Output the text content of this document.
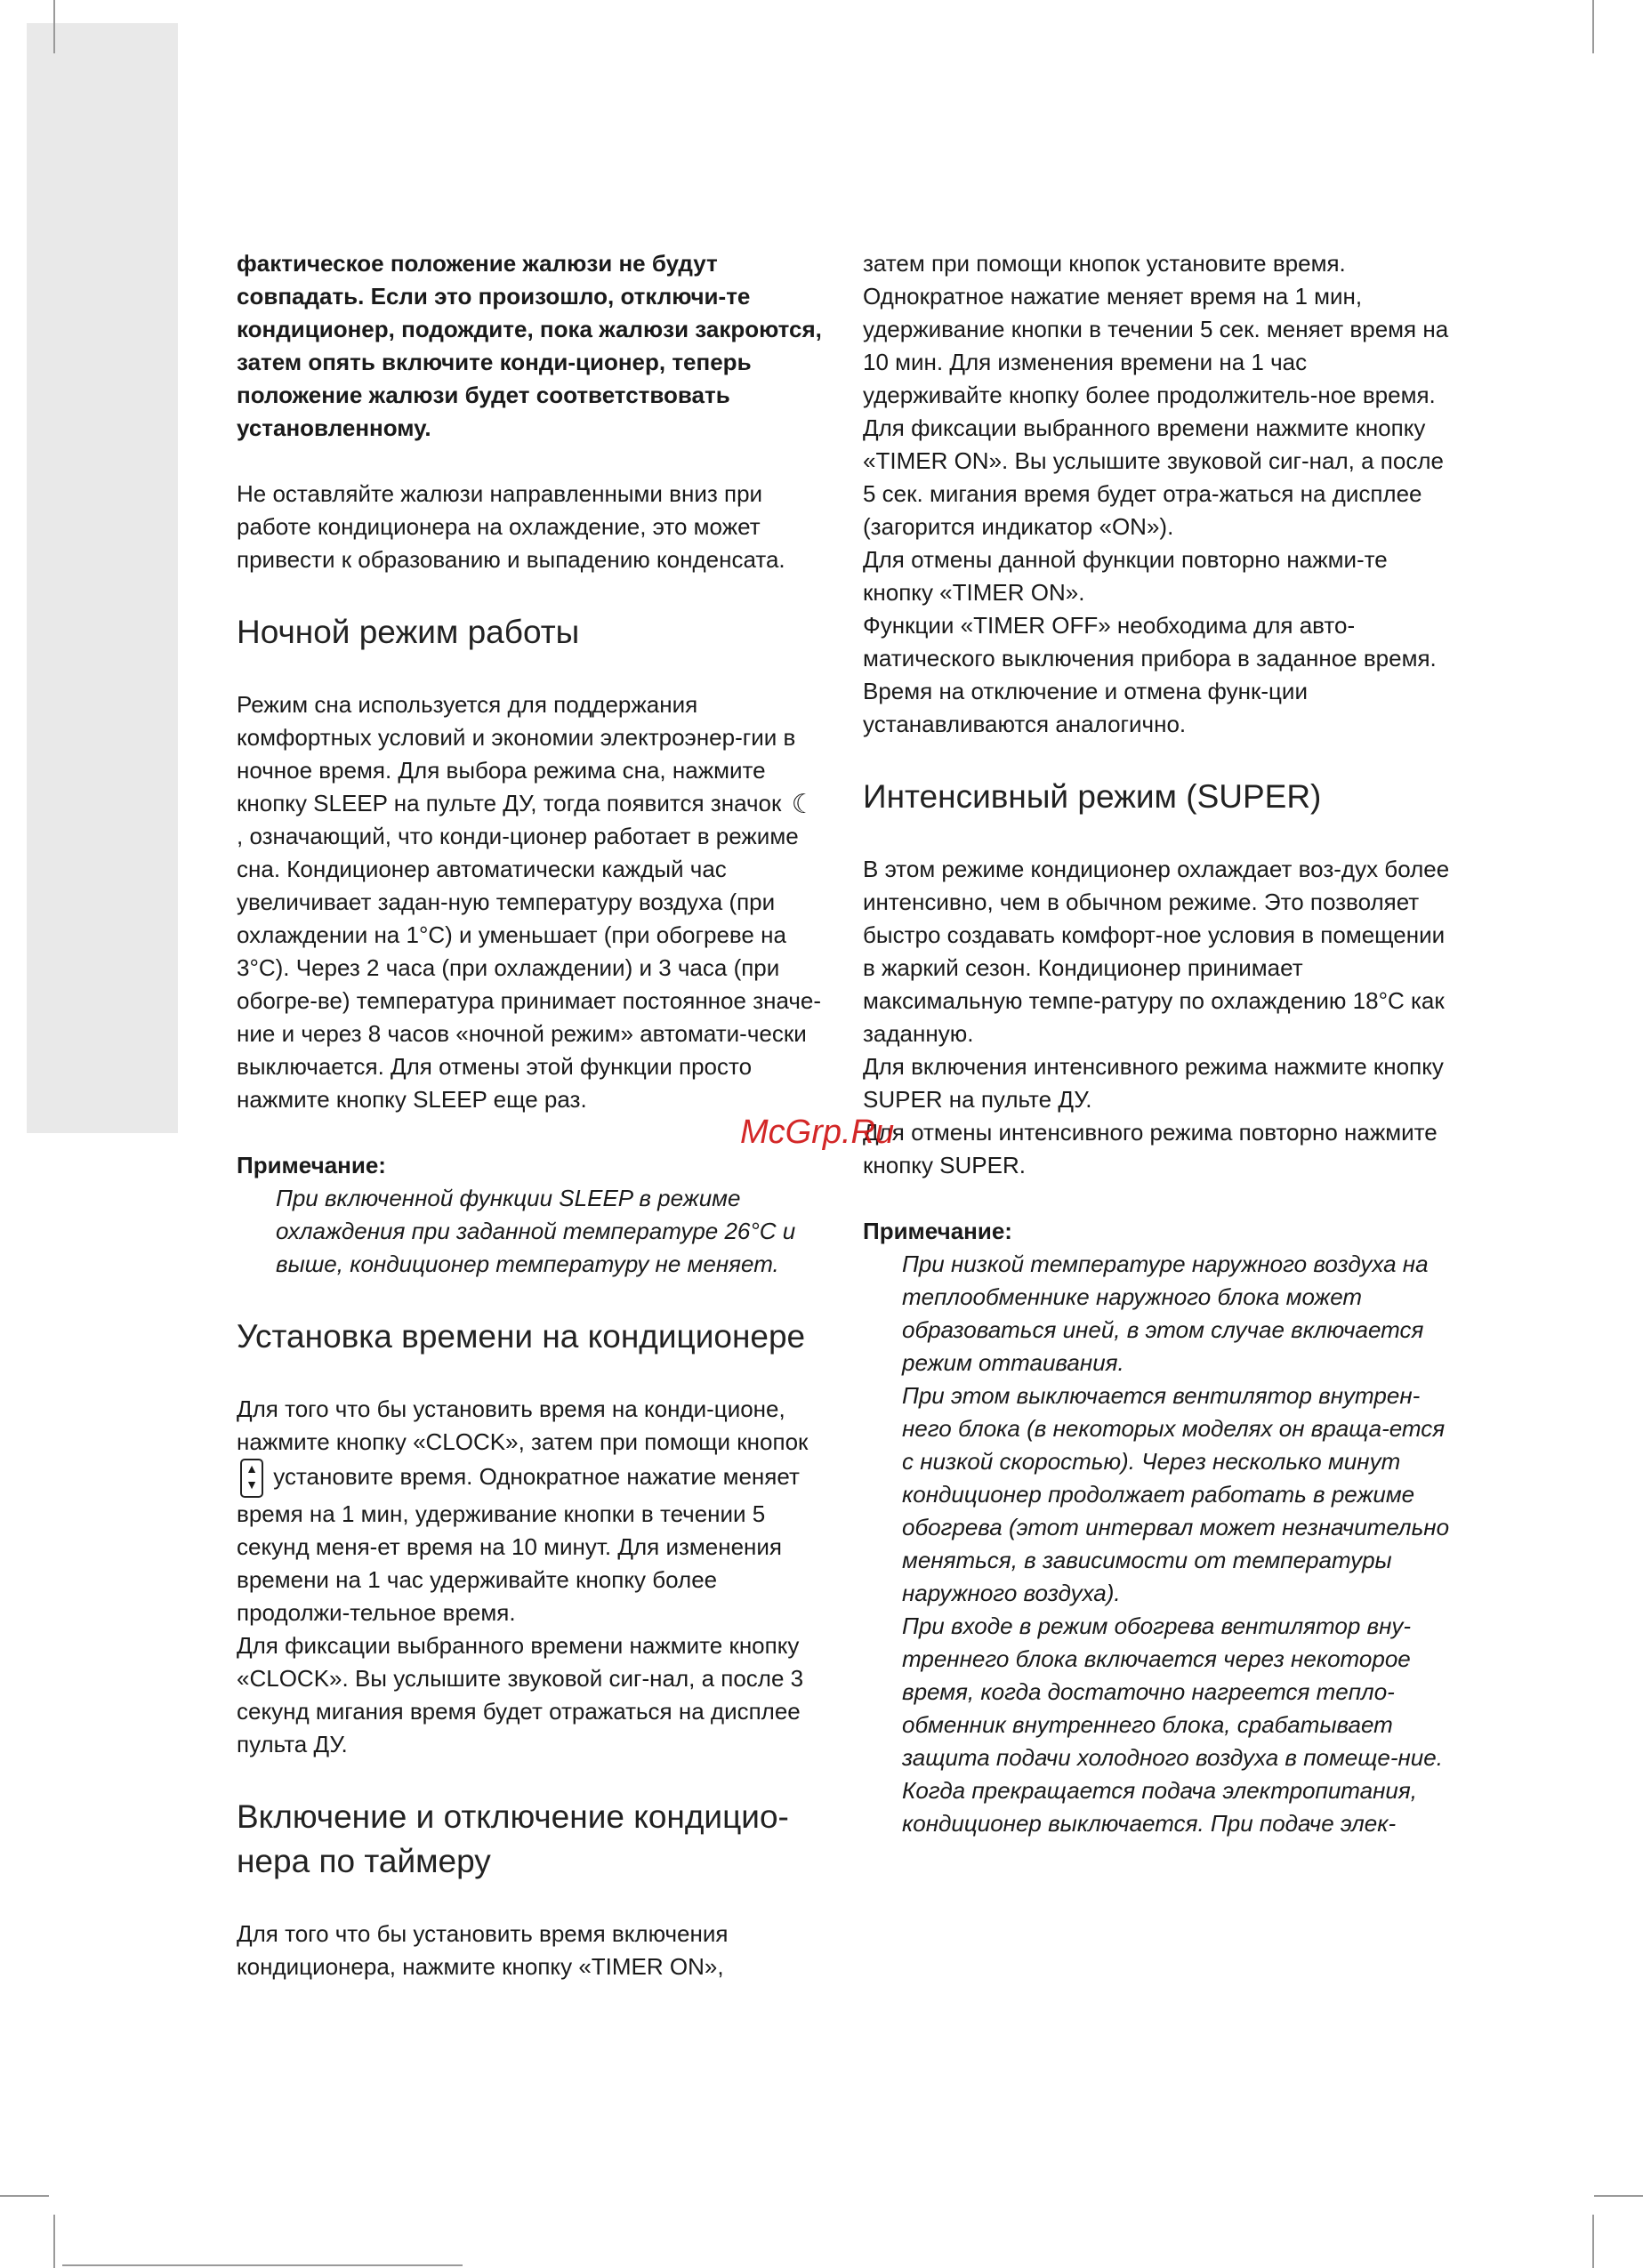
фактическое положение жалюзи не будут совпадать. Если это произошло, отключи-те кондиционер, подождите, пока жалюзи закроются, затем опять включите конди-ционер, теперь положение жалюзи будет соответствовать установленному.

Не оставляйте жалюзи направленными вниз при работе кондиционера на охлаждение, это может привести к образованию и выпадению конденсата.

Ночной режим работы

Режим сна используется для поддержания комфортных условий и экономии электроэнер-гии в ночное время. Для выбора режима сна, нажмите кнопку SLEEP на пульте ДУ, тогда появится значок ☾, означающий, что конди-ционер работает в режиме сна. Кондиционер автоматически каждый час увеличивает задан-ную температуру воздуха (при охлаждении на 1°C) и уменьшает (при обогреве на 3°C). Через 2 часа (при охлаждении) и 3 часа (при обогре-ве) температура принимает постоянное значе-ние и через 8 часов «ночной режим» автомати-чески выключается. Для отмены этой функции просто нажмите кнопку SLEEP еще раз.

Примечание:

При включенной функции SLEEP в режиме охлаждения при заданной температуре 26°C и выше, кондиционер температуру не меняет.

Установка времени на кондиционере

Для того что бы установить время на конди-ционе, нажмите кнопку «CLOCK», затем при помощи кнопок ▲
▼ установите время. Однократное нажатие меняет время на 1 мин, удерживание кнопки в течении 5 секунд меня-ет время на 10 минут. Для изменения времени на 1 час удерживайте кнопку более продолжи-тельное время.

Для фиксации выбранного времени нажмите кнопку «CLOCK». Вы услышите звуковой сиг-нал, а после 3 секунд мигания время будет отражаться на дисплее пульта ДУ.

Включение и отключение кондицио-нера по таймеру

Для того что бы установить время включения кондиционера, нажмите кнопку «TIMER ON»,

затем при помощи кнопок установите время. Однократное нажатие меняет время на 1 мин, удерживание кнопки в течении 5 сек. меняет время на 10 мин. Для изменения времени на 1 час удерживайте кнопку более продолжитель-ное время.

Для фиксации выбранного времени нажмите кнопку «TIMER ON». Вы услышите звуковой сиг-нал, а после 5 сек. мигания время будет отра-жаться на дисплее (загорится индикатор «ON»).

Для отмены данной функции повторно нажми-те кнопку «TIMER ON».

Функции «TIMER OFF» необходима для авто-матического выключения прибора в заданное время. Время на отключение и отмена функ-ции устанавливаются аналогично.

Интенсивный режим (SUPER)

В этом режиме кондиционер охлаждает воз-дух более интенсивно, чем в обычном режиме. Это позволяет быстро создавать комфорт-ное условия в помещении в жаркий сезон. Кондиционер принимает максимальную темпе-ратуру по охлаждению 18°C как заданную.

Для включения интенсивного режима нажмите кнопку SUPER на пульте ДУ.

Для отмены интенсивного режима повторно нажмите кнопку SUPER.

Примечание:

При низкой температуре наружного воздуха на теплообменнике наружного блока может образоваться иней, в этом случае включается режим оттаивания.

При этом выключается вентилятор внутрен-него блока (в некоторых моделях он враща-ется с низкой скоростью). Через несколько минут кондиционер продолжает работать в режиме обогрева (этот интервал может незначительно меняться, в зависимости от температуры наружного воздуха).

При входе в режим обогрева вентилятор вну-треннего блока включается через некоторое время, когда достаточно нагреется тепло-обменник внутреннего блока, срабатывает защита подачи холодного воздуха в помеще-ние.

Когда прекращается подача электропитания, кондиционер выключается. При подаче элек-

McGrp.Ru
